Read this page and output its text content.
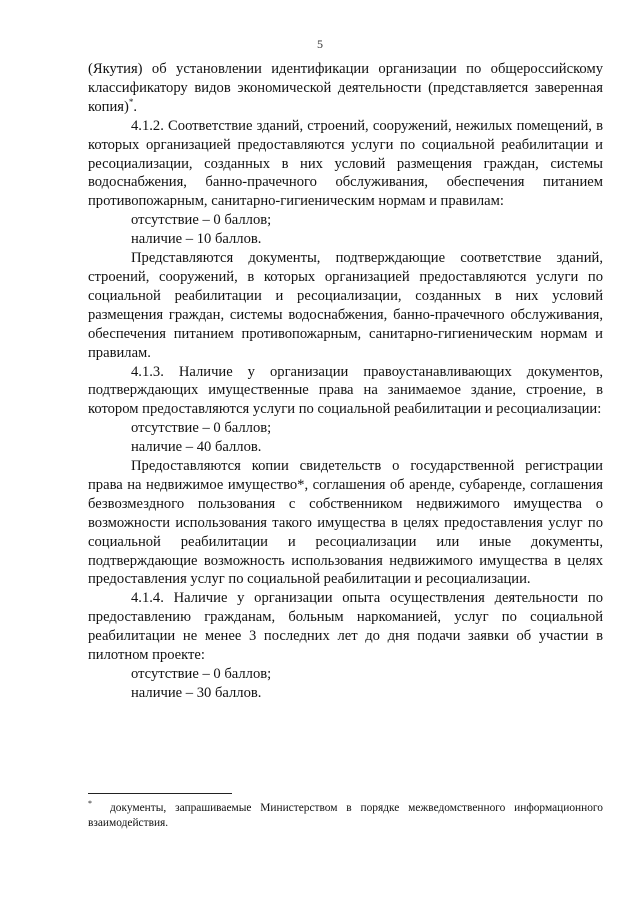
5

(Якутия) об установлении идентификации организации по общероссийскому классификатору видов экономической деятельности (представляется заверенная копия)*.

4.1.2. Соответствие зданий, строений, сооружений, нежилых помещений, в которых организацией предоставляются услуги по социальной реабилитации и ресоциализации, созданных в них условий размещения граждан, системы водоснабжения, банно-прачечного обслуживания, обеспечения питанием противопожарным, санитарно-гигиеническим нормам и правилам:

отсутствие – 0 баллов;

наличие – 10 баллов.

Представляются документы, подтверждающие соответствие зданий, строений, сооружений, в которых организацией предоставляются услуги по социальной реабилитации и ресоциализации, созданных в них условий размещения граждан, системы водоснабжения, банно-прачечного обслуживания, обеспечения питанием противопожарным, санитарно-гигиеническим нормам и правилам.

4.1.3. Наличие у организации правоустанавливающих документов, подтверждающих имущественные права на занимаемое здание, строение, в котором предоставляются услуги по социальной реабилитации и ресоциализации:

отсутствие – 0 баллов;

наличие – 40 баллов.

Предоставляются копии свидетельств о государственной регистрации права на недвижимое имущество*, соглашения об аренде, субаренде, соглашения безвозмездного пользования с собственником недвижимого имущества о возможности использования такого имущества в целях предоставления услуг по социальной реабилитации и ресоциализации или иные документы, подтверждающие возможность использования недвижимого имущества в целях предоставления услуг по социальной реабилитации и ресоциализации.

4.1.4. Наличие у организации опыта осуществления деятельности по предоставлению гражданам, больным наркоманией, услуг по социальной реабилитации не менее 3 последних лет до дня подачи заявки об участии в пилотном проекте:

отсутствие – 0 баллов;

наличие – 30 баллов.

* документы, запрашиваемые Министерством в порядке межведомственного информационного взаимодействия.
